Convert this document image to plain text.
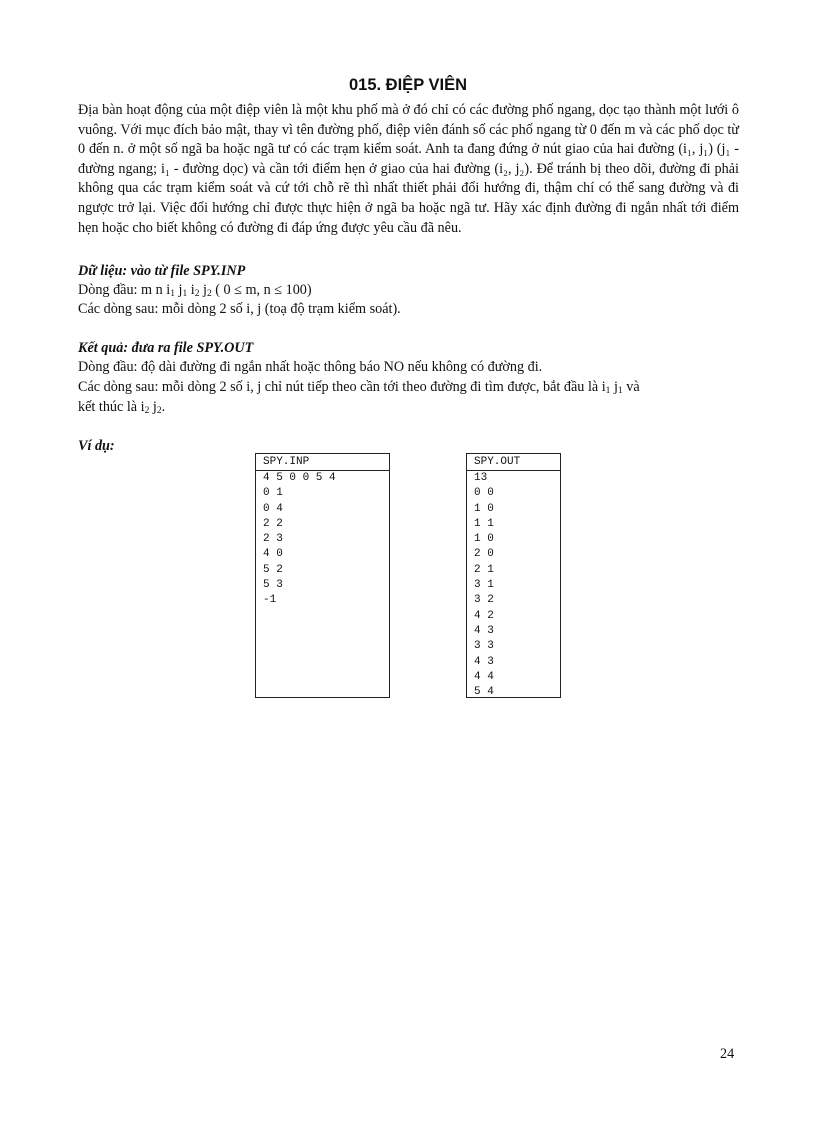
015. ĐIỆP VIÊN
Địa bàn hoạt động của một điệp viên là một khu phố mà ở đó chỉ có các đường phố ngang, dọc tạo thành một lưới ô vuông. Với mục đích bảo mật, thay vì tên đường phố, điệp viên đánh số các phố ngang từ 0 đến m và các phố dọc từ 0 đến n. ở một số ngã ba hoặc ngã tư có các trạm kiểm soát. Anh ta đang đứng ở nút giao của hai đường (i₁, j₁) (j₁ - đường ngang; i₁ - đường dọc) và cần tới điểm hẹn ở giao của hai đường (i₂, j₂). Để tránh bị theo dõi, đường đi phải không qua các trạm kiểm soát và cứ tới chỗ rẽ thì nhất thiết phải đổi hướng đi, thậm chí có thể sang đường và đi ngược trở lại. Việc đổi hướng chỉ được thực hiện ở ngã ba hoặc ngã tư. Hãy xác định đường đi ngắn nhất tới điểm hẹn hoặc cho biết không có đường đi đáp ứng được yêu cầu đã nêu.
Dữ liệu: vào từ file SPY.INP
Dòng đầu: m n $i_1$ $j_1$ $i_2$ $j_2$ ( 0 ≤ m, n ≤ 100)
Các dòng sau: mỗi dòng 2 số i, j (toạ độ trạm kiểm soát).
Kết quả: đưa ra file SPY.OUT
Dòng đầu: độ dài đường đi ngắn nhất hoặc thông báo NO nếu không có đường đi.
Các dòng sau: mỗi dòng 2 số i, j chỉ nút tiếp theo cần tới theo đường đi tìm được, bắt đầu là $i_1$ $j_1$ và
kết thúc là $i_2$ $j_2$.
Ví dụ:
SPY.INP
4 5 0 0 5 4
0 1
0 4
2 2
2 3
4 0
5 2
5 3
-1
SPY.OUT
13
0 0
1 0
1 1
1 0
2 0
2 1
3 1
3 2
4 2
4 3
3 3
4 3
4 4
5 4
24
